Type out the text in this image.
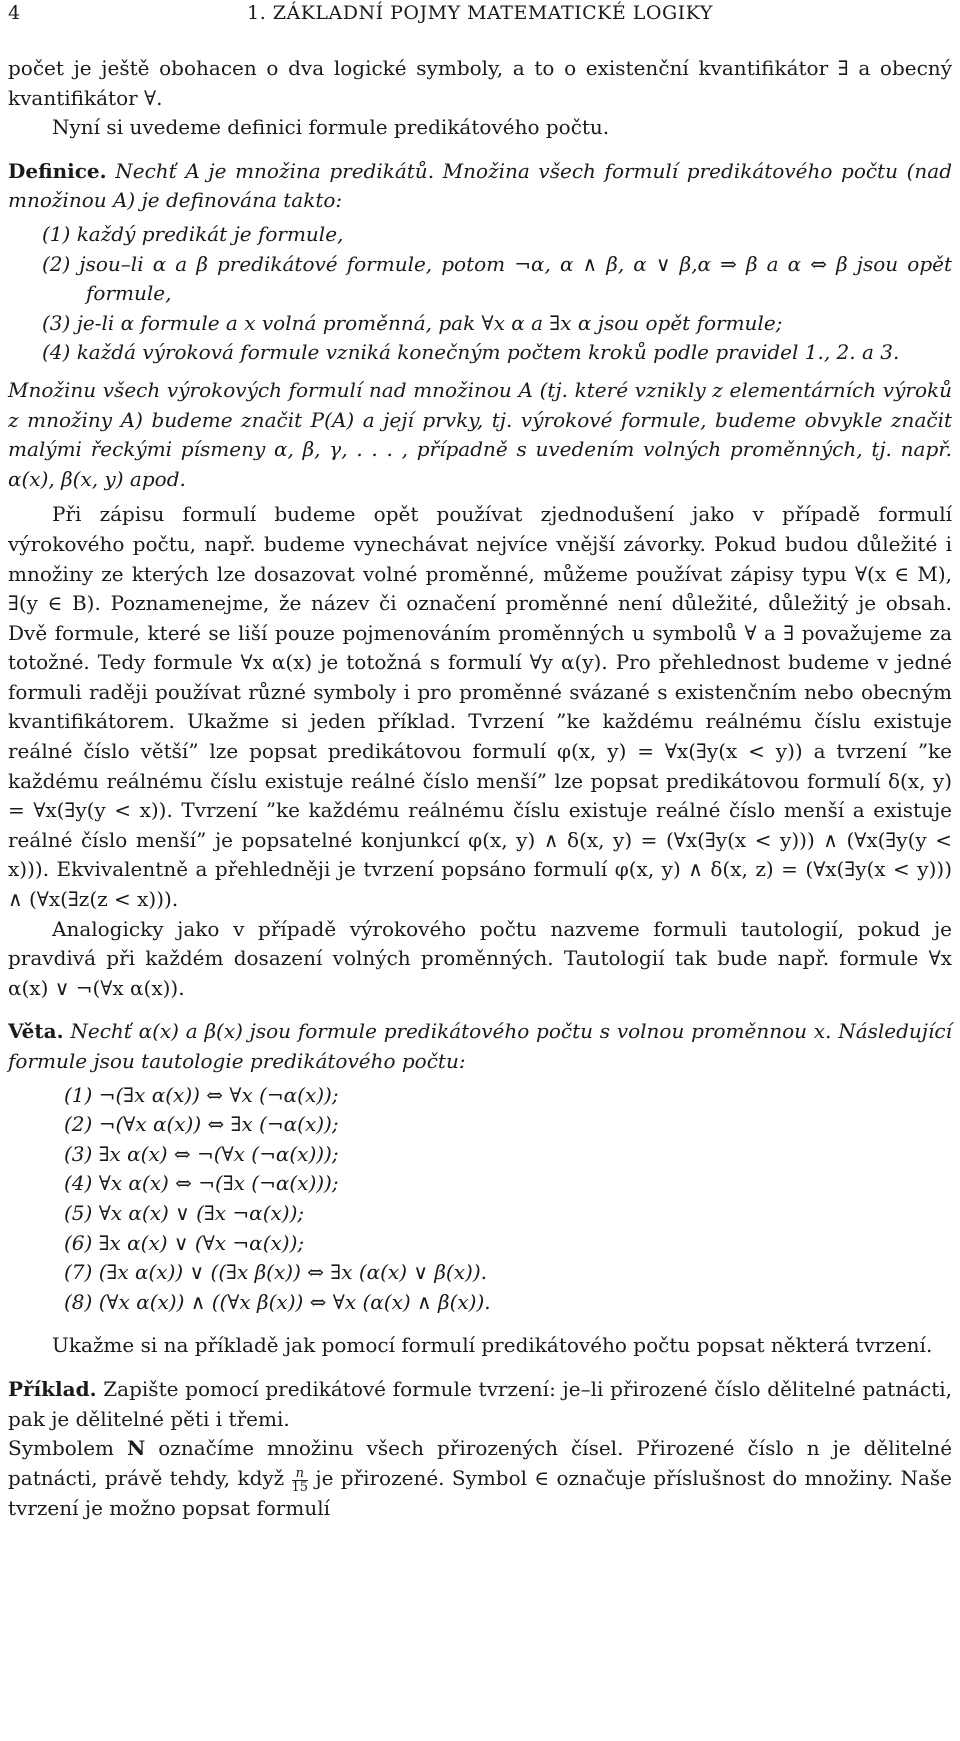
4	1. ZÁKLADNÍ POJMY MATEMATICKÉ LOGIKY

počet je ještě obohacen o dva logické symboly, a to o existenční kvantifikátor ∃ a obecný kvantifikátor ∀.

Nyní si uvedeme definici formule predikátového počtu.

Definice. Nechť A je množina predikátů. Množina všech formulí predikátového počtu (nad množinou A) je definována takto:

(1) každý predikát je formule,
(2) jsou–li α a β predikátové formule, potom ¬α, α ∧ β, α ∨ β,α ⇒ β a α ⇔ β jsou opět formule,
(3) je-li α formule a x volná proměnná, pak ∀x α a ∃x α jsou opět formule;
(4) každá výroková formule vzniká konečným počtem kroků podle pravidel 1., 2. a 3.

Množinu všech výrokových formulí nad množinou A (tj. které vznikly z elementárních výroků z množiny A) budeme značit P(A) a její prvky, tj. výrokové formule, budeme obvykle značit malými řeckými písmeny α, β, γ, . . . , případně s uvedením volných proměnných, tj. např. α(x), β(x, y) apod.

Při zápisu formulí budeme opět používat zjednodušení jako v případě formulí výrokového počtu, např. budeme vynechávat nejvíce vnější závorky. Pokud budou důležité i množiny ze kterých lze dosazovat volné proměnné, můžeme používat zápisy typu ∀(x ∈ M), ∃(y ∈ B). Poznamenejme, že název či označení proměnné není důležité, důležitý je obsah. Dvě formule, které se liší pouze pojmenováním proměnných u symbolů ∀ a ∃ považujeme za totožné. Tedy formule ∀x α(x) je totožná s formulí ∀y α(y). Pro přehlednost budeme v jedné formuli raději používat různé symboly i pro proměnné svázané s existenčním nebo obecným kvantifikátorem. Ukažme si jeden příklad. Tvrzení ”ke každému reálnému číslu existuje reálné číslo větší” lze popsat predikátovou formulí φ(x, y) = ∀x(∃y(x < y)) a tvrzení ”ke každému reálnému číslu existuje reálné číslo menší” lze popsat predikátovou formulí δ(x, y) = ∀x(∃y(y < x)). Tvrzení ”ke každému reálnému číslu existuje reálné číslo menší a existuje reálné číslo menší” je popsatelné konjunkcí φ(x, y) ∧ δ(x, y) = (∀x(∃y(x < y))) ∧ (∀x(∃y(y < x))). Ekvivalentně a přehledněji je tvrzení popsáno formulí φ(x, y) ∧ δ(x, z) = (∀x(∃y(x < y))) ∧ (∀x(∃z(z < x))).

Analogicky jako v případě výrokového počtu nazveme formuli tautologií, pokud je pravdivá při každém dosazení volných proměnných. Tautologií tak bude např. formule ∀x α(x) ∨ ¬(∀x α(x)).

Věta. Nechť α(x) a β(x) jsou formule predikátového počtu s volnou proměnnou x. Následující formule jsou tautologie predikátového počtu:

(1) ¬(∃x α(x)) ⇔ ∀x (¬α(x));
(2) ¬(∀x α(x)) ⇔ ∃x (¬α(x));
(3) ∃x α(x) ⇔ ¬(∀x (¬α(x)));
(4) ∀x α(x) ⇔ ¬(∃x (¬α(x)));
(5) ∀x α(x) ∨ (∃x ¬α(x));
(6) ∃x α(x) ∨ (∀x ¬α(x));
(7) (∃x α(x)) ∨ ((∃x β(x)) ⇔ ∃x (α(x) ∨ β(x)).
(8) (∀x α(x)) ∧ ((∀x β(x)) ⇔ ∀x (α(x) ∧ β(x)).

Ukažme si na příkladě jak pomocí formulí predikátového počtu popsat některá tvrzení.

Příklad. Zapište pomocí predikátové formule tvrzení: je–li přirozené číslo dělitelné patnácti, pak je dělitelné pěti i třemi.

Symbolem N označíme množinu všech přirozených čísel. Přirozené číslo n je dělitelné patnácti, právě tehdy, když $\frac{n}{15}$ je přirozené. Symbol ∈ označuje příslušnost do množiny. Naše tvrzení je možno popsat formulí
